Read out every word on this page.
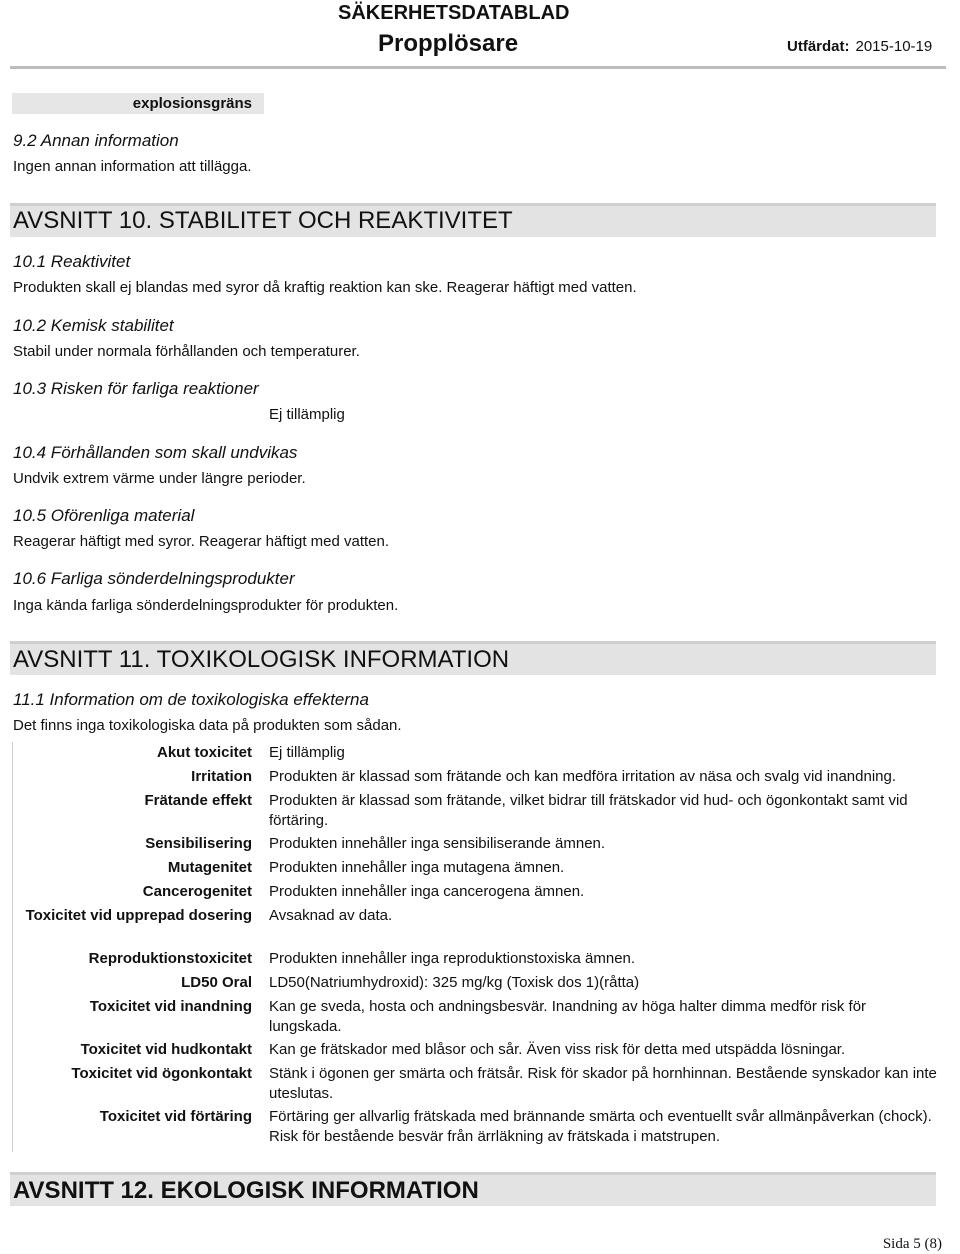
SÄKERHETSDATABLAD
Propplösare	Utfärdat: 2015-10-19
explosionsgräns
9.2 Annan information
Ingen annan information att tillägga.
AVSNITT 10. STABILITET OCH REAKTIVITET
10.1 Reaktivitet
Produkten skall ej blandas med syror då kraftig reaktion kan ske. Reagerar häftigt med vatten.
10.2 Kemisk stabilitet
Stabil under normala förhållanden och temperaturer.
10.3 Risken för farliga reaktioner
Ej tillämplig
10.4 Förhållanden som skall undvikas
Undvik extrem värme under längre perioder.
10.5 Oförenliga material
Reagerar häftigt med syror. Reagerar häftigt med vatten.
10.6 Farliga sönderdelningsprodukter
Inga kända farliga sönderdelningsprodukter för produkten.
AVSNITT 11. TOXIKOLOGISK INFORMATION
11.1 Information om de toxikologiska effekterna
Det finns inga toxikologiska data på produkten som sådan.
Akut toxicitet Ej tillämplig
Irritation Produkten är klassad som frätande och kan medföra irritation av näsa och svalg vid inandning.
Frätande effekt Produkten är klassad som frätande, vilket bidrar till frätskador vid hud- och ögonkontakt samt vid förtäring.
Sensibilisering Produkten innehåller inga sensibiliserande ämnen.
Mutagenitet Produkten innehåller inga mutagena ämnen.
Cancerogenitet Produkten innehåller inga cancerogena ämnen.
Toxicitet vid upprepad dosering Avsaknad av data.
Reproduktionstoxicitet Produkten innehåller inga reproduktionstoxiska ämnen.
LD50 Oral LD50(Natriumhydroxid): 325 mg/kg (Toxisk dos 1)(råtta)
Toxicitet vid inandning Kan ge sveda, hosta och andningsbesvär. Inandning av höga halter dimma medför risk för lungskada.
Toxicitet vid hudkontakt Kan ge frätskador med blåsor och sår. Även viss risk för detta med utspädda lösningar.
Toxicitet vid ögonkontakt Stänk i ögonen ger smärta och frätsår. Risk för skador på hornhinnan. Bestående synskador kan inte uteslutas.
Toxicitet vid förtäring Förtäring ger allvarlig frätskada med brännande smärta och eventuellt svår allmänpåverkan (chock). Risk för bestående besvär från ärrläkning av frätskada i matstrupen.
AVSNITT 12. EKOLOGISK INFORMATION
Sida 5 (8)
